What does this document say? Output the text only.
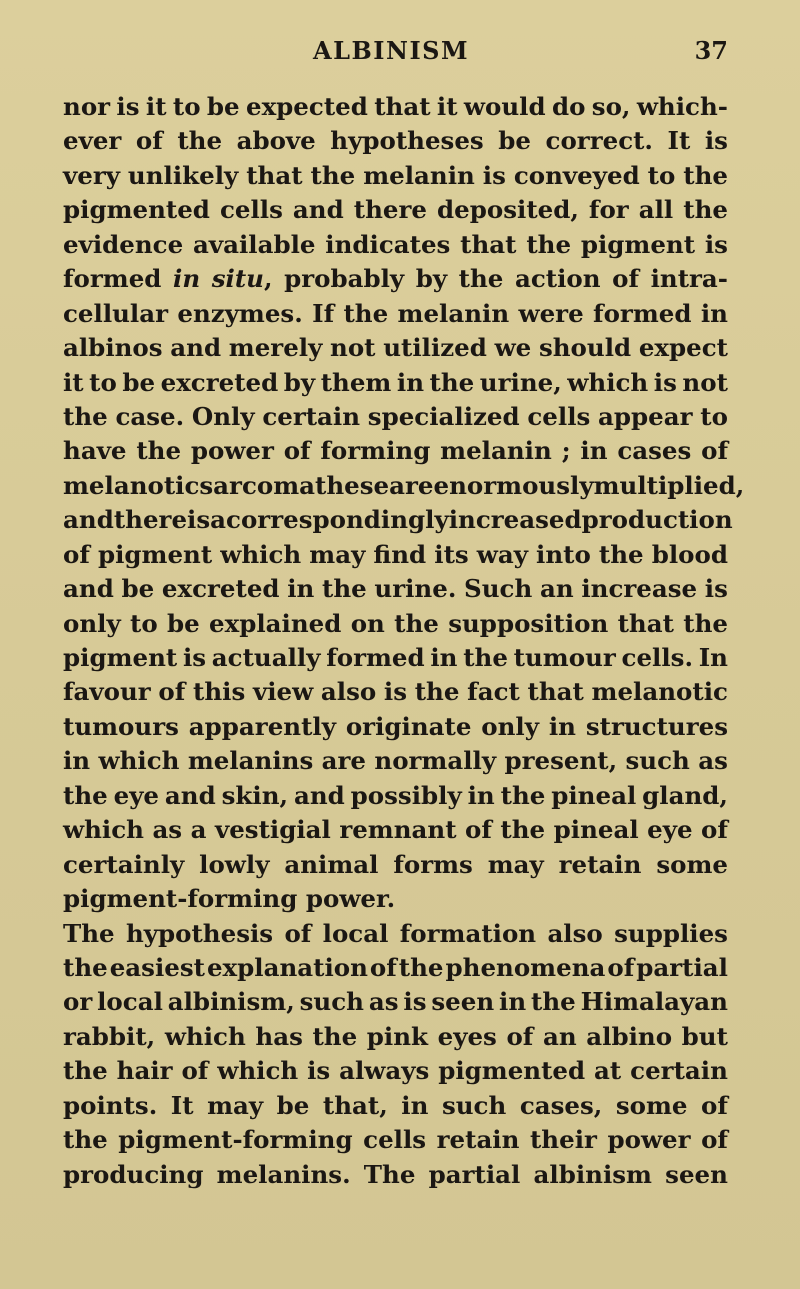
ALBINISM	37
nor is it to be expected that it would do so, which-
ever of the above hypotheses be correct. It is
very unlikely that the melanin is conveyed to the
pigmented cells and there deposited, for all the
evidence available indicates that the pigment is
formed in situ, probably by the action of intra-
cellular enzymes. If the melanin were formed in
albinos and merely not utilized we should expect
it to be excreted by them in the urine, which is not
the case. Only certain specialized cells appear to
have the power of forming melanin ; in cases of
melanotic sarcoma these are enormously multiplied,
and there is a correspondingly increased production
of pigment which may find its way into the blood
and be excreted in the urine. Such an increase is
only to be explained on the supposition that the
pigment is actually formed in the tumour cells. In
favour of this view also is the fact that melanotic
tumours apparently originate only in structures
in which melanins are normally present, such as
the eye and skin, and possibly in the pineal gland,
which as a vestigial remnant of the pineal eye of
certainly lowly animal forms may retain some
pigment-forming power.
The hypothesis of local formation also supplies
the easiest explanation of the phenomena of partial
or local albinism, such as is seen in the Himalayan
rabbit, which has the pink eyes of an albino but
the hair of which is always pigmented at certain
points. It may be that, in such cases, some of
the pigment-forming cells retain their power of
producing melanins. The partial albinism seen
